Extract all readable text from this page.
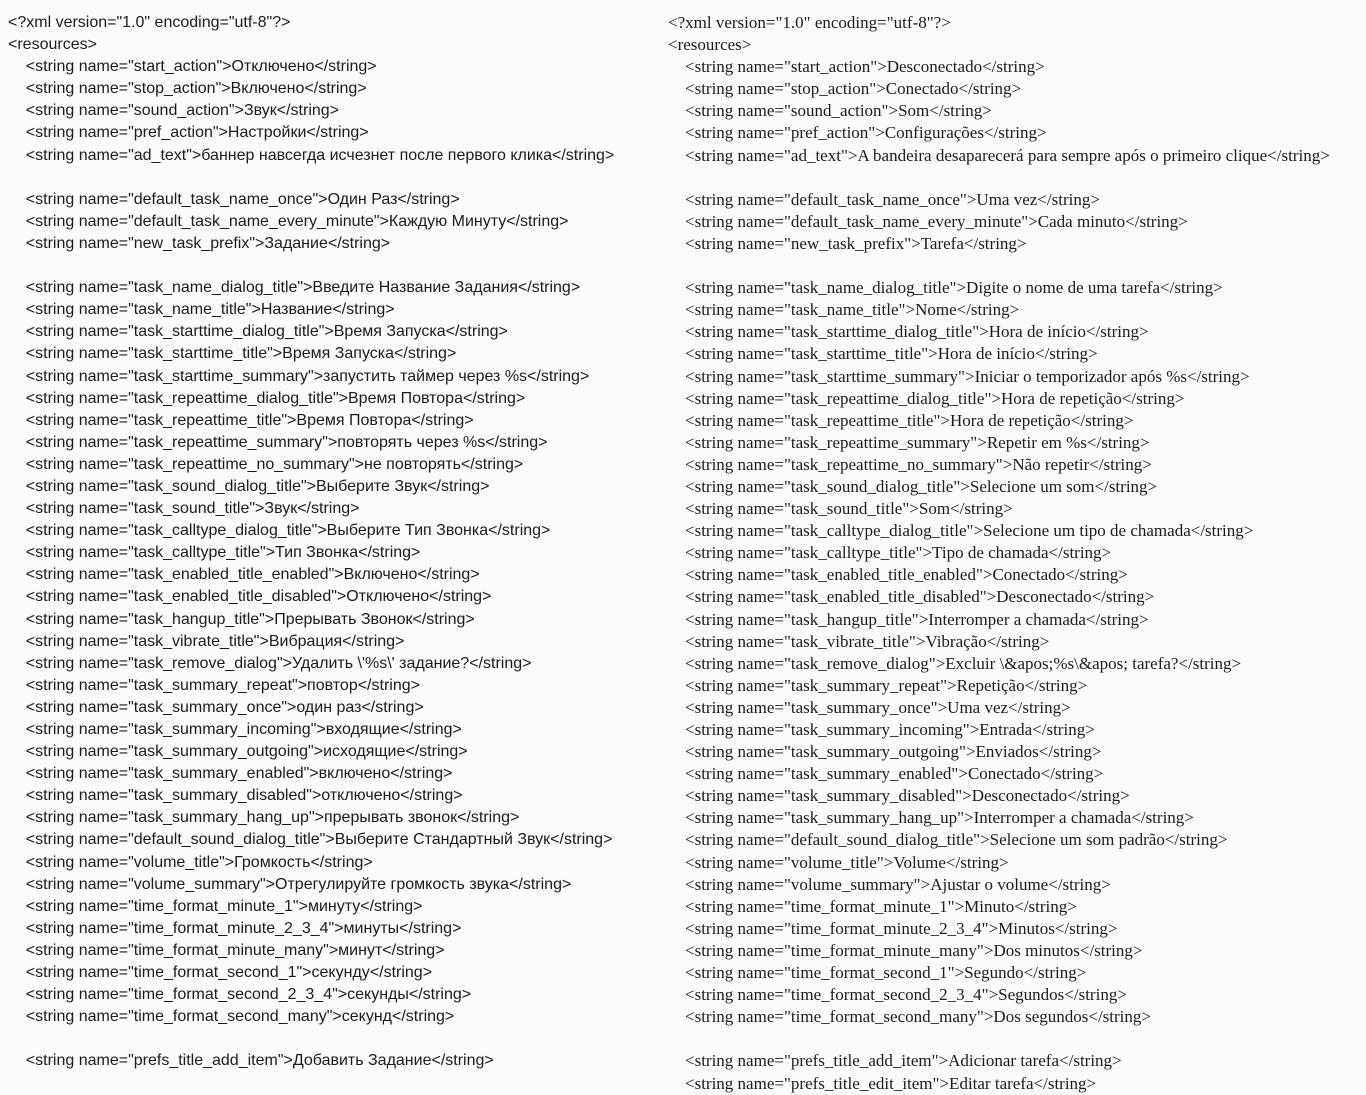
<?xml version="1.0" encoding="utf-8"?>
<resources>
<string name="start_action">Отключено</string>
<string name="stop_action">Включено</string>
<string name="sound_action">Звук</string>
<string name="pref_action">Настройки</string>
<string name="ad_text">баннер навсегда исчезнет после первого клика</string>
<string name="default_task_name_once">Один Раз</string>
<string name="default_task_name_every_minute">Каждую Минуту</string>
<string name="new_task_prefix">Задание</string>
<string name="task_name_dialog_title">Введите Название Задания</string>
<string name="task_name_title">Название</string>
<string name="task_starttime_dialog_title">Время Запуска</string>
<string name="task_starttime_title">Время Запуска</string>
<string name="task_starttime_summary">запустить таймер через %s</string>
<string name="task_repeattime_dialog_title">Время Повтора</string>
<string name="task_repeattime_title">Время Повтора</string>
<string name="task_repeattime_summary">повторять через %s</string>
<string name="task_repeattime_no_summary">не повторять</string>
<string name="task_sound_dialog_title">Выберите Звук</string>
<string name="task_sound_title">Звук</string>
<string name="task_calltype_dialog_title">Выберите Тип Звонка</string>
<string name="task_calltype_title">Тип Звонка</string>
<string name="task_enabled_title_enabled">Включено</string>
<string name="task_enabled_title_disabled">Отключено</string>
<string name="task_hangup_title">Прерывать Звонок</string>
<string name="task_vibrate_title">Вибрация</string>
<string name="task_remove_dialog">Удалить \'%s\' задание?</string>
<string name="task_summary_repeat">повтор</string>
<string name="task_summary_once">один раз</string>
<string name="task_summary_incoming">входящие</string>
<string name="task_summary_outgoing">исходящие</string>
<string name="task_summary_enabled">включено</string>
<string name="task_summary_disabled">отключено</string>
<string name="task_summary_hang_up">прерывать звонок</string>
<string name="default_sound_dialog_title">Выберите Стандартный Звук</string>
<string name="volume_title">Громкость</string>
<string name="volume_summary">Отрегулируйте громкость звука</string>
<string name="time_format_minute_1">минуту</string>
<string name="time_format_minute_2_3_4">минуты</string>
<string name="time_format_minute_many">минут</string>
<string name="time_format_second_1">секунду</string>
<string name="time_format_second_2_3_4">секунды</string>
<string name="time_format_second_many">секунд</string>
<string name="prefs_title_add_item">Добавить Задание</string>
<?xml version="1.0" encoding="utf-8"?>
<resources>
<string name="start_action">Desconectado</string>
<string name="stop_action">Conectado</string>
<string name="sound_action">Som</string>
<string name="pref_action">Configurações</string>
<string name="ad_text">A bandeira desaparecerá para sempre após o primeiro clique</string>
<string name="default_task_name_once">Uma vez</string>
<string name="default_task_name_every_minute">Cada minuto</string>
<string name="new_task_prefix">Tarefa</string>
<string name="task_name_dialog_title">Digite o nome de uma tarefa</string>
<string name="task_name_title">Nome</string>
<string name="task_starttime_dialog_title">Hora de início</string>
<string name="task_starttime_title">Hora de início</string>
<string name="task_starttime_summary">Iniciar o temporizador após %s</string>
<string name="task_repeattime_dialog_title">Hora de repetição</string>
<string name="task_repeattime_title">Hora de repetição</string>
<string name="task_repeattime_summary">Repetir em %s</string>
<string name="task_repeattime_no_summary">Não repetir</string>
<string name="task_sound_dialog_title">Selecione um som</string>
<string name="task_sound_title">Som</string>
<string name="task_calltype_dialog_title">Selecione um tipo de chamada</string>
<string name="task_calltype_title">Tipo de chamada</string>
<string name="task_enabled_title_enabled">Conectado</string>
<string name="task_enabled_title_disabled">Desconectado</string>
<string name="task_hangup_title">Interromper a chamada</string>
<string name="task_vibrate_title">Vibração</string>
<string name="task_remove_dialog">Excluir \&apos;%s\&apos; tarefa?</string>
<string name="task_summary_repeat">Repetição</string>
<string name="task_summary_once">Uma vez</string>
<string name="task_summary_incoming">Entrada</string>
<string name="task_summary_outgoing">Enviados</string>
<string name="task_summary_enabled">Conectado</string>
<string name="task_summary_disabled">Desconectado</string>
<string name="task_summary_hang_up">Interromper a chamada</string>
<string name="default_sound_dialog_title">Selecione um som padrão</string>
<string name="volume_title">Volume</string>
<string name="volume_summary">Ajustar o volume</string>
<string name="time_format_minute_1">Minuto</string>
<string name="time_format_minute_2_3_4">Minutos</string>
<string name="time_format_minute_many">Dos minutos</string>
<string name="time_format_second_1">Segundo</string>
<string name="time_format_second_2_3_4">Segundos</string>
<string name="time_format_second_many">Dos segundos</string>
<string name="prefs_title_add_item">Adicionar tarefa</string>
<string name="prefs_title_edit_item">Editar tarefa</string>
